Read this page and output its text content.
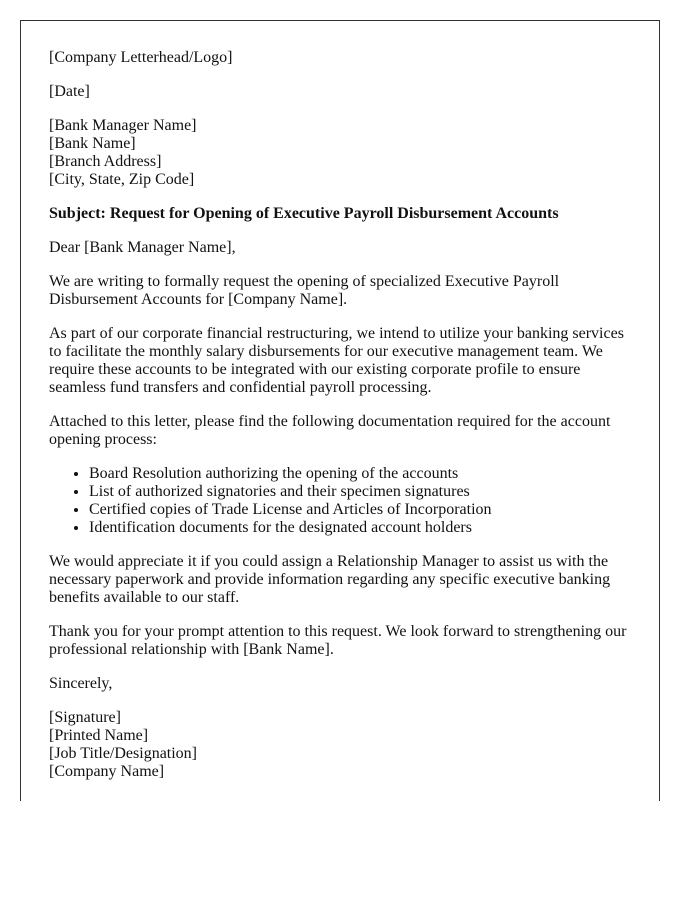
[Company Letterhead/Logo]

[Date]

[Bank Manager Name]
[Bank Name]
[Branch Address]
[City, State, Zip Code]

Subject: Request for Opening of Executive Payroll Disbursement Accounts

Dear [Bank Manager Name],

We are writing to formally request the opening of specialized Executive Payroll Disbursement Accounts for [Company Name].

As part of our corporate financial restructuring, we intend to utilize your banking services to facilitate the monthly salary disbursements for our executive management team. We require these accounts to be integrated with our existing corporate profile to ensure seamless fund transfers and confidential payroll processing.

Attached to this letter, please find the following documentation required for the account opening process:

• Board Resolution authorizing the opening of the accounts
• List of authorized signatories and their specimen signatures
• Certified copies of Trade License and Articles of Incorporation
• Identification documents for the designated account holders

We would appreciate it if you could assign a Relationship Manager to assist us with the necessary paperwork and provide information regarding any specific executive banking benefits available to our staff.

Thank you for your prompt attention to this request. We look forward to strengthening our professional relationship with [Bank Name].

Sincerely,

[Signature]
[Printed Name]
[Job Title/Designation]
[Company Name]
